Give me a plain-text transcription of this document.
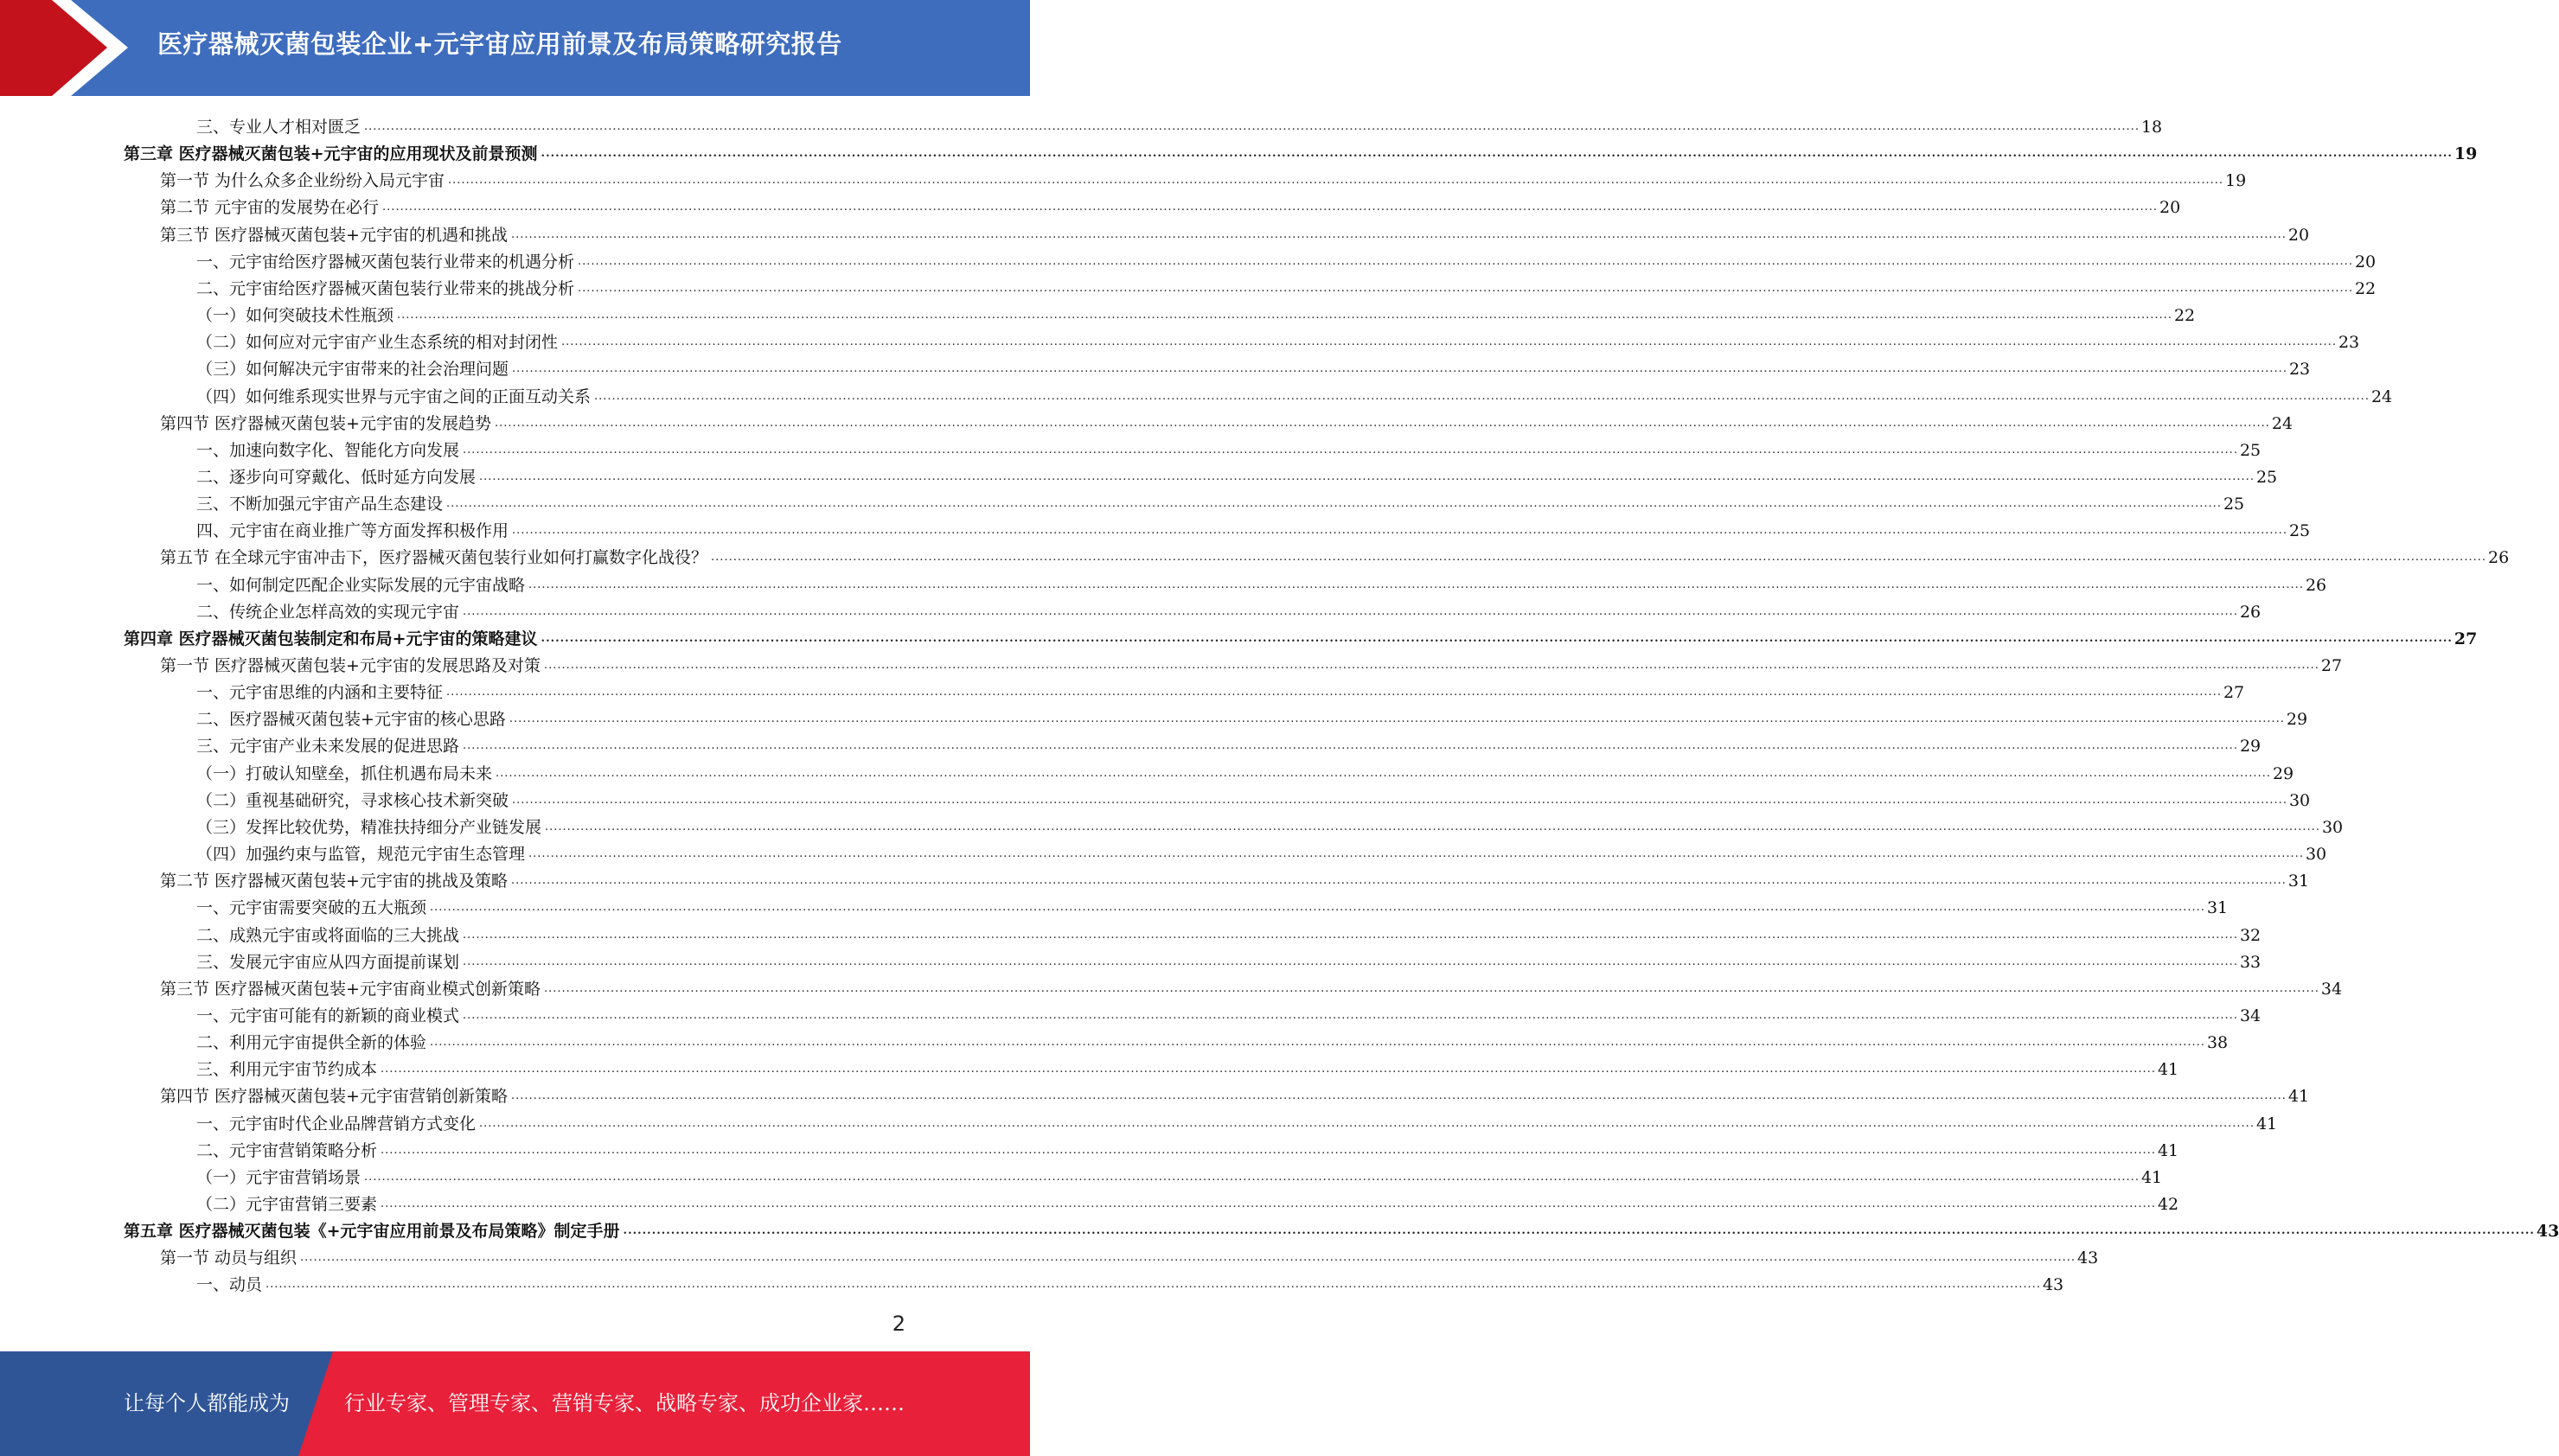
医疗器械灭菌包装企业+元宇宙应用前景及布局策略研究报告
三、专业人才相对匮乏 ................................................................................................................................................................................................................................................................................................................................................................................................................ 18
第三章 医疗器械灭菌包装+元宇宙的应用现状及前景预测 ................................................................................................................................................................................................................................................................................................................................................................................................................ 19
第一节 为什么众多企业纷纷入局元宇宙 ................................................................................................................................................................................................................................................................................................................................................................................................................ 19
第二节 元宇宙的发展势在必行 ................................................................................................................................................................................................................................................................................................................................................................................................................ 20
第三节 医疗器械灭菌包装+元宇宙的机遇和挑战 ................................................................................................................................................................................................................................................................................................................................................................................................................ 20
一、元宇宙给医疗器械灭菌包装行业带来的机遇分析 ................................................................................................................................................................................................................................................................................................................................................................................................................ 20
二、元宇宙给医疗器械灭菌包装行业带来的挑战分析 ................................................................................................................................................................................................................................................................................................................................................................................................................ 22
（一）如何突破技术性瓶颈 ................................................................................................................................................................................................................................................................................................................................................................................................................ 22
（二）如何应对元宇宙产业生态系统的相对封闭性 ................................................................................................................................................................................................................................................................................................................................................................................................................ 23
（三）如何解决元宇宙带来的社会治理问题 ................................................................................................................................................................................................................................................................................................................................................................................................................ 23
（四）如何维系现实世界与元宇宙之间的正面互动关系 ................................................................................................................................................................................................................................................................................................................................................................................................................ 24
第四节 医疗器械灭菌包装+元宇宙的发展趋势 ................................................................................................................................................................................................................................................................................................................................................................................................................ 24
一、加速向数字化、智能化方向发展 ................................................................................................................................................................................................................................................................................................................................................................................................................ 25
二、逐步向可穿戴化、低时延方向发展 ................................................................................................................................................................................................................................................................................................................................................................................................................ 25
三、不断加强元宇宙产品生态建设 ................................................................................................................................................................................................................................................................................................................................................................................................................ 25
四、元宇宙在商业推广等方面发挥积极作用 ................................................................................................................................................................................................................................................................................................................................................................................................................ 25
第五节 在全球元宇宙冲击下，医疗器械灭菌包装行业如何打赢数字化战役？ ................................................................................................................................................................................................................................................................................................................................................................................................................ 26
一、如何制定匹配企业实际发展的元宇宙战略 ................................................................................................................................................................................................................................................................................................................................................................................................................ 26
二、传统企业怎样高效的实现元宇宙 ................................................................................................................................................................................................................................................................................................................................................................................................................ 26
第四章 医疗器械灭菌包装制定和布局+元宇宙的策略建议 ................................................................................................................................................................................................................................................................................................................................................................................................................ 27
第一节 医疗器械灭菌包装+元宇宙的发展思路及对策 ................................................................................................................................................................................................................................................................................................................................................................................................................ 27
一、元宇宙思维的内涵和主要特征 ................................................................................................................................................................................................................................................................................................................................................................................................................ 27
二、医疗器械灭菌包装+元宇宙的核心思路 ................................................................................................................................................................................................................................................................................................................................................................................................................ 29
三、元宇宙产业未来发展的促进思路 ................................................................................................................................................................................................................................................................................................................................................................................................................ 29
（一）打破认知壁垒，抓住机遇布局未来 ................................................................................................................................................................................................................................................................................................................................................................................................................ 29
（二）重视基础研究，寻求核心技术新突破 ................................................................................................................................................................................................................................................................................................................................................................................................................ 30
（三）发挥比较优势，精准扶持细分产业链发展 ................................................................................................................................................................................................................................................................................................................................................................................................................ 30
（四）加强约束与监管，规范元宇宙生态管理 ................................................................................................................................................................................................................................................................................................................................................................................................................ 30
第二节 医疗器械灭菌包装+元宇宙的挑战及策略 ................................................................................................................................................................................................................................................................................................................................................................................................................ 31
一、元宇宙需要突破的五大瓶颈 ................................................................................................................................................................................................................................................................................................................................................................................................................ 31
二、成熟元宇宙或将面临的三大挑战 ................................................................................................................................................................................................................................................................................................................................................................................................................ 32
三、发展元宇宙应从四方面提前谋划 ................................................................................................................................................................................................................................................................................................................................................................................................................ 33
第三节 医疗器械灭菌包装+元宇宙商业模式创新策略 ................................................................................................................................................................................................................................................................................................................................................................................................................ 34
一、元宇宙可能有的新颖的商业模式 ................................................................................................................................................................................................................................................................................................................................................................................................................ 34
二、利用元宇宙提供全新的体验 ................................................................................................................................................................................................................................................................................................................................................................................................................ 38
三、利用元宇宙节约成本 ................................................................................................................................................................................................................................................................................................................................................................................................................ 41
第四节 医疗器械灭菌包装+元宇宙营销创新策略 ................................................................................................................................................................................................................................................................................................................................................................................................................ 41
一、元宇宙时代企业品牌营销方式变化 ................................................................................................................................................................................................................................................................................................................................................................................................................ 41
二、元宇宙营销策略分析 ................................................................................................................................................................................................................................................................................................................................................................................................................ 41
（一）元宇宙营销场景 ................................................................................................................................................................................................................................................................................................................................................................................................................ 41
（二）元宇宙营销三要素 ................................................................................................................................................................................................................................................................................................................................................................................................................ 42
第五章 医疗器械灭菌包装《+元宇宙应用前景及布局策略》制定手册 ................................................................................................................................................................................................................................................................................................................................................................................................................ 43
第一节 动员与组织 ................................................................................................................................................................................................................................................................................................................................................................................................................ 43
一、动员 ................................................................................................................................................................................................................................................................................................................................................................................................................ 43
2
让每个人都能成为	行业专家、管理专家、营销专家、战略专家、成功企业家……
